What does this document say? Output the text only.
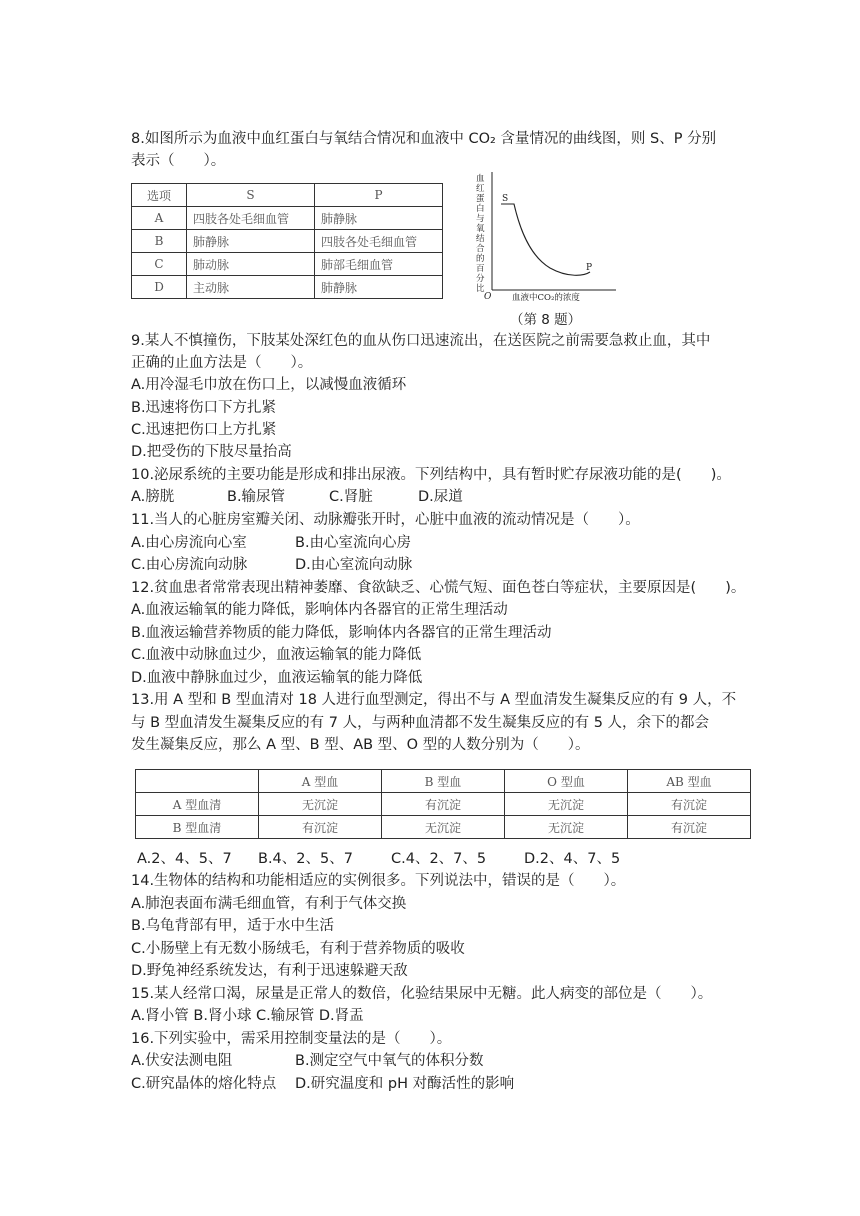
8.如图所示为血液中血红蛋白与氧结合情况和血液中 CO₂ 含量情况的曲线图，则 S、P 分别
表示（　　）。
选项	S	P
A	四肢各处毛细血管	肺静脉
B	肺静脉	四肢各处毛细血管
C	肺动脉	肺部毛细血管
D	主动脉	肺静脉
血
红
蛋
白
与
氧
结
合
的
百
分
比
S
P
O 血液中CO₂的浓度
（第 8 题）
9.某人不慎撞伤，下肢某处深红色的血从伤口迅速流出，在送医院之前需要急救止血，其中
正确的止血方法是（　　）。
A.用冷湿毛巾放在伤口上，以减慢血液循环
B.迅速将伤口下方扎紧
C.迅速把伤口上方扎紧
D.把受伤的下肢尽量抬高
10.泌尿系统的主要功能是形成和排出尿液。下列结构中，具有暂时贮存尿液功能的是(　　)。
A.膀胱	B.输尿管	C.肾脏	D.尿道
11.当人的心脏房室瓣关闭、动脉瓣张开时，心脏中血液的流动情况是（　　）。
A.由心房流向心室	B.由心室流向心房
C.由心房流向动脉	D.由心室流向动脉
12.贫血患者常常表现出精神萎靡、食欲缺乏、心慌气短、面色苍白等症状，主要原因是(　　)。
A.血液运输氧的能力降低，影响体内各器官的正常生理活动
B.血液运输营养物质的能力降低，影响体内各器官的正常生理活动
C.血液中动脉血过少，血液运输氧的能力降低
D.血液中静脉血过少，血液运输氧的能力降低
13.用 A 型和 B 型血清对 18 人进行血型测定，得出不与 A 型血清发生凝集反应的有 9 人，不
与 B 型血清发生凝集反应的有 7 人，与两种血清都不发生凝集反应的有 5 人，余下的都会
发生凝集反应，那么 A 型、B 型、AB 型、O 型的人数分别为（　　）。
	A 型血	B 型血	O 型血	AB 型血
A 型血清	无沉淀	有沉淀	无沉淀	有沉淀
B 型血清	有沉淀	无沉淀	无沉淀	有沉淀
A.2、4、5、7 B.4、2、5、7	C.4、2、7、5	D.2、4、7、5
14.生物体的结构和功能相适应的实例很多。下列说法中，错误的是（　　）。
A.肺泡表面布满毛细血管，有利于气体交换
B.乌龟背部有甲，适于水中生活
C.小肠壁上有无数小肠绒毛，有利于营养物质的吸收
D.野兔神经系统发达，有利于迅速躲避天敌
15.某人经常口渴，尿量是正常人的数倍，化验结果尿中无糖。此人病变的部位是（　　）。
A.肾小管 B.肾小球 C.输尿管 D.肾盂
16.下列实验中，需采用控制变量法的是（　　）。
A.伏安法测电阻	B.测定空气中氧气的体积分数
C.研究晶体的熔化特点 D.研究温度和 pH 对酶活性的影响
